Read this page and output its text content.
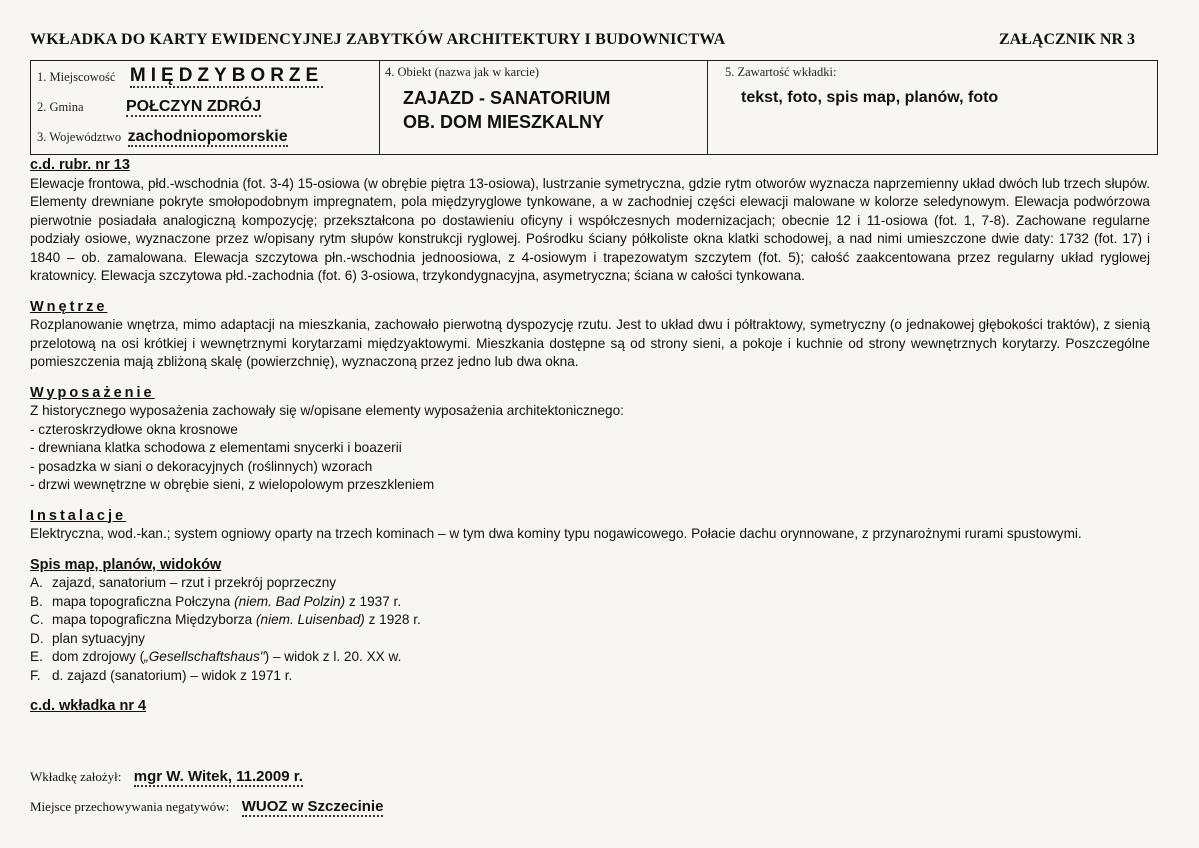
WKŁADKA DO KARTY EWIDENCYJNEJ ZABYTKÓW ARCHITEKTURY I BUDOWNICTWA	ZAŁĄCZNIK NR 3
1. Miejscowość MIĘDZYBORZE
2. Gmina	POŁCZYN ZDRÓJ
3. Województwo zachodniopomorskie
4. Obiekt (nazwa jak w karcie)
ZAJAZD - SANATORIUM
OB. DOM MIESZKALNY
5. Zawartość wkładki:
tekst, foto, spis map, planów, foto
c.d. rubr. nr 13
Elewacje frontowa, płd.-wschodnia (fot. 3-4) 15-osiowa (w obrębie piętra 13-osiowa), lustrzanie symetryczna, gdzie rytm otworów wyznacza naprzemienny układ dwóch lub trzech słupów. Elementy drewniane pokryte smołopodobnym impregnatem, pola międzyryglowe tynkowane, a w zachodniej części elewacji malowane w kolorze seledynowym. Elewacja podwórzowa pierwotnie posiadała analogiczną kompozycję; przekształcona po dostawieniu oficyny i współczesnych modernizacjach; obecnie 12 i 11-osiowa (fot. 1, 7-8). Zachowane regularne podziały osiowe, wyznaczone przez w/opisany rytm słupów konstrukcji ryglowej. Pośrodku ściany półkoliste okna klatki schodowej, a nad nimi umieszczone dwie daty: 1732 (fot. 17) i 1840 – ob. zamalowana. Elewacja szczytowa płn.-wschodnia jednoosiowa, z 4-osiowym i trapezowatym szczytem (fot. 5); całość zaakcentowana przez regularny układ ryglowej kratownicy. Elewacja szczytowa płd.-zachodnia (fot. 6) 3-osiowa, trzykondygnacyjna, asymetryczna; ściana w całości tynkowana.
Wnętrze
Rozplanowanie wnętrza, mimo adaptacji na mieszkania, zachowało pierwotną dyspozycję rzutu. Jest to układ dwu i półtraktowy, symetryczny (o jednakowej głębokości traktów), z sienią przelotową na osi krótkiej i wewnętrznymi korytarzami międzyaktowymi. Mieszkania dostępne są od strony sieni, a pokoje i kuchnie od strony wewnętrznych korytarzy. Poszczególne pomieszczenia mają zbliżoną skalę (powierzchnię), wyznaczoną przez jedno lub dwa okna.
Wyposażenie
Z historycznego wyposażenia zachowały się w/opisane elementy wyposażenia architektonicznego:
- czteroskrzydłowe okna krosnowe
- drewniana klatka schodowa z elementami snycerki i boazerii
- posadzka w siani o dekoracyjnych (roślinnych) wzorach
- drzwi wewnętrzne w obrębie sieni, z wielopolowym przeszkleniem
Instalacje
Elektryczna, wod.-kan.; system ogniowy oparty na trzech kominach – w tym dwa kominy typu nogawicowego. Połacie dachu orynnowane, z przynarożnymi rurami spustowymi.
Spis map, planów, widoków
A. zajazd, sanatorium – rzut i przekrój poprzeczny
B. mapa topograficzna Połczyna (niem. Bad Polzin) z 1937 r.
C. mapa topograficzna Międzyborza (niem. Luisenbad) z 1928 r.
D. plan sytuacyjny
E. dom zdrojowy („Gesellschaftshaus") – widok z l. 20. XX w.
F. d. zajazd (sanatorium) – widok z 1971 r.
c.d. wkładka nr 4
Wkładkę założył: mgr W. Witek, 11.2009 r.
Miejsce przechowywania negatywów: WUOZ w Szczecinie
